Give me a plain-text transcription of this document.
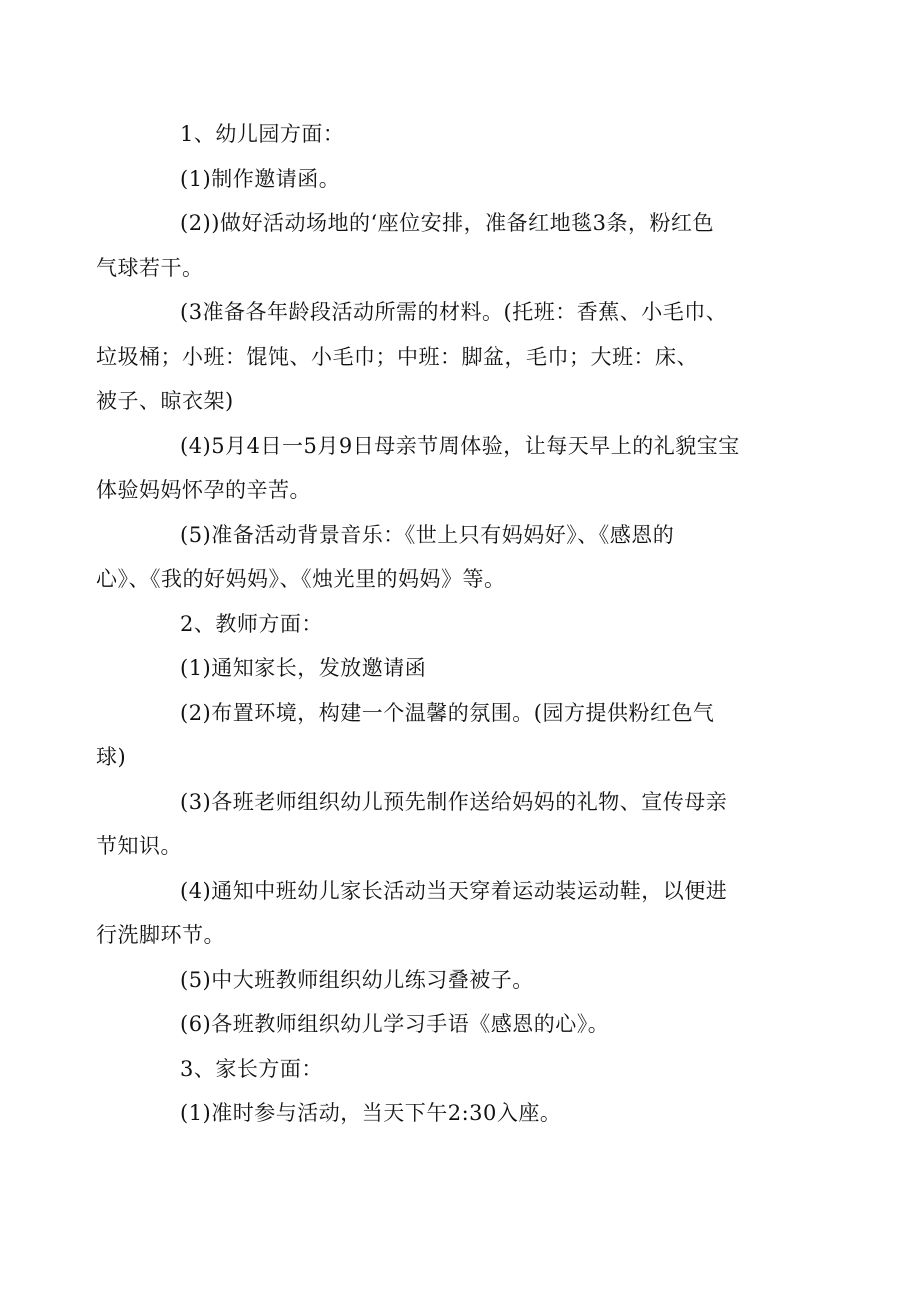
1、幼儿园方面：

(1)制作邀请函。

(2))做好活动场地的‘座位安排，准备红地毯3条，粉红色
气球若干。

(3准备各年龄段活动所需的材料。(托班：香蕉、小毛巾、
垃圾桶；小班：馄饨、小毛巾；中班：脚盆，毛巾；大班：床、
被子、晾衣架)

(4)5月4日一5月9日母亲节周体验，让每天早上的礼貌宝宝
体验妈妈怀孕的辛苦。

(5)准备活动背景音乐：《世上只有妈妈好》、《感恩的
心》、《我的好妈妈》、《烛光里的妈妈》等。

2、教师方面：

(1)通知家长，发放邀请函

(2)布置环境，构建一个温馨的氛围。(园方提供粉红色气
球)

(3)各班老师组织幼儿预先制作送给妈妈的礼物、宣传母亲
节知识。

(4)通知中班幼儿家长活动当天穿着运动装运动鞋，以便进
行洗脚环节。

(5)中大班教师组织幼儿练习叠被子。

(6)各班教师组织幼儿学习手语《感恩的心》。

3、家长方面：

(1)准时参与活动，当天下午2:30入座。
